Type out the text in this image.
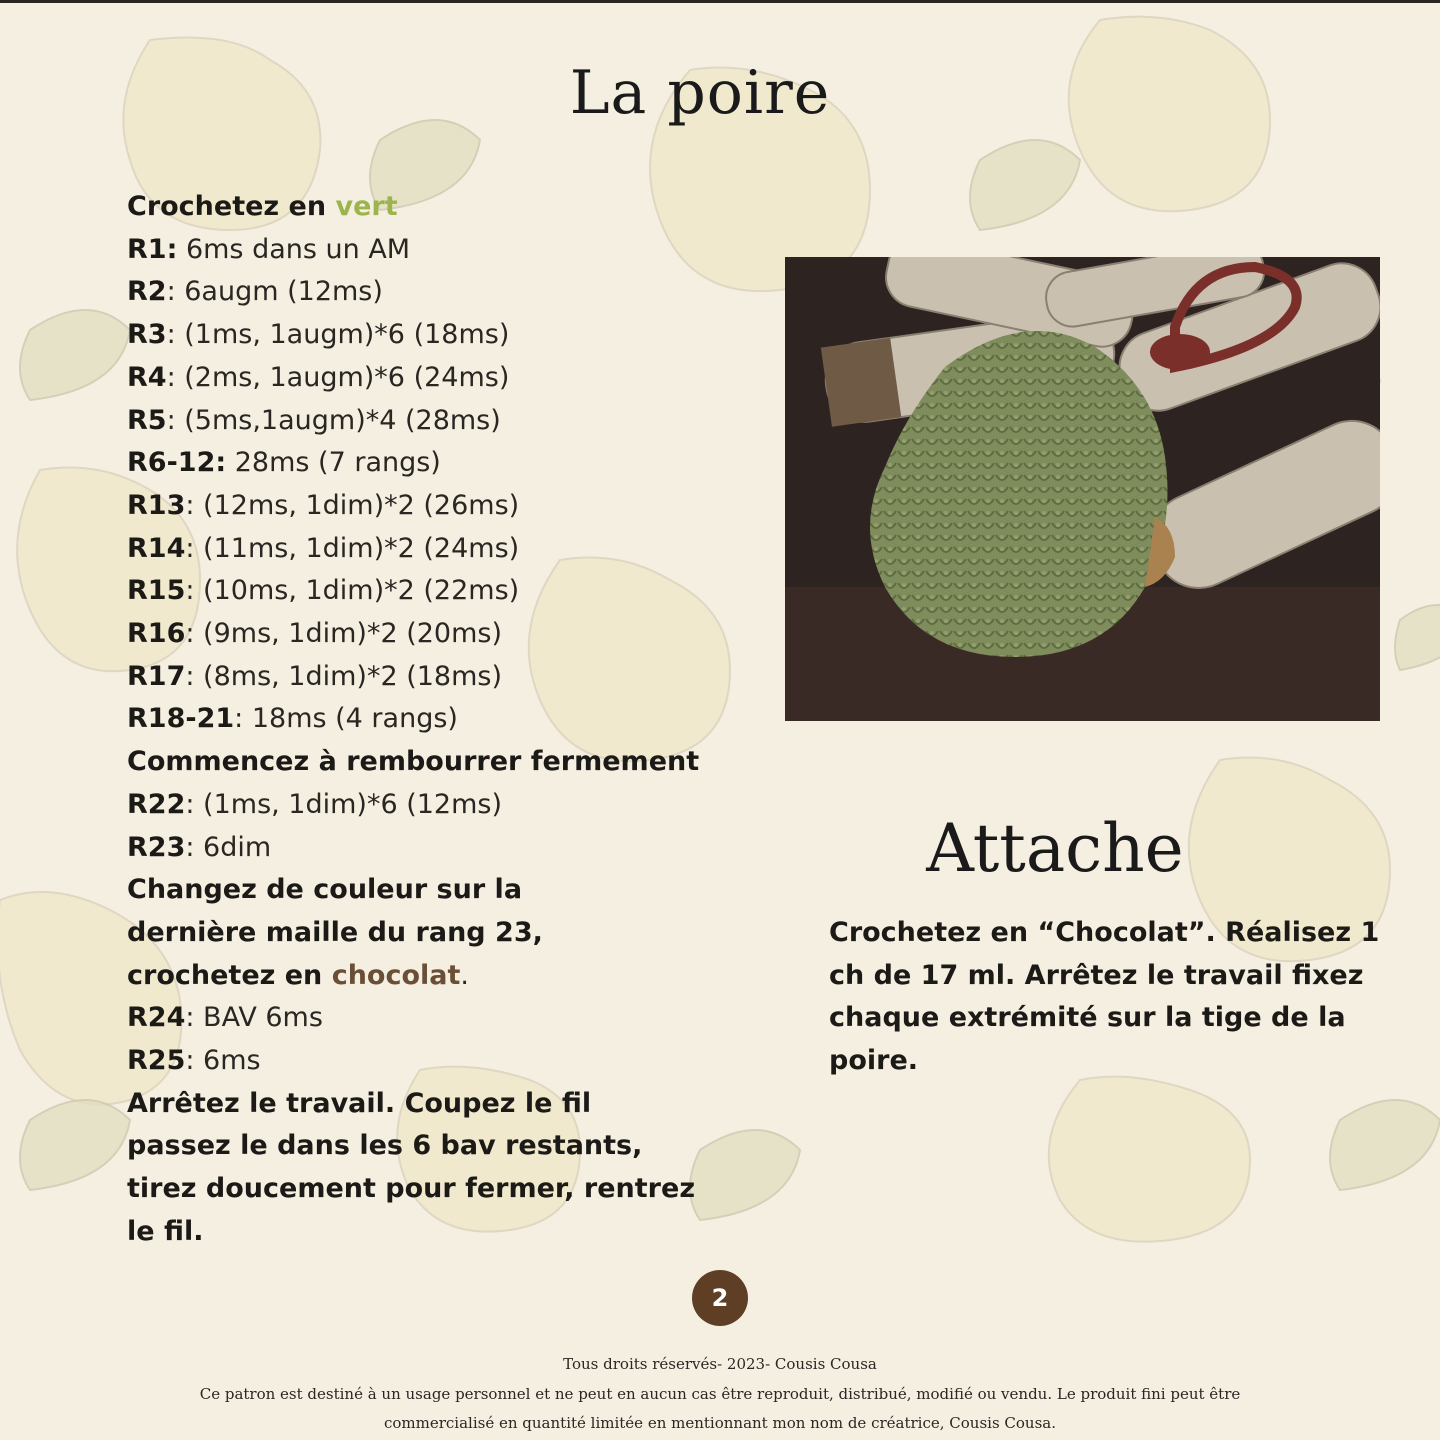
La poire
Crochetez en vert
R1: 6ms dans un AM
R2: 6augm (12ms)
R3: (1ms, 1augm)*6 (18ms)
R4: (2ms, 1augm)*6 (24ms)
R5: (5ms,1augm)*4 (28ms)
R6-12: 28ms (7 rangs)
R13: (12ms, 1dim)*2 (26ms)
R14: (11ms, 1dim)*2 (24ms)
R15: (10ms, 1dim)*2 (22ms)
R16: (9ms, 1dim)*2 (20ms)
R17: (8ms, 1dim)*2 (18ms)
R18-21: 18ms (4 rangs)
Commencez à rembourrer fermement
R22: (1ms, 1dim)*6 (12ms)
R23: 6dim
Changez de couleur sur la dernière maille du rang 23, crochetez en chocolat.
R24: BAV 6ms
R25: 6ms
Arrêtez le travail. Coupez le fil passez le dans les 6 bav restants, tirez doucement pour fermer, rentrez le fil.
Attache
Crochetez en “Chocolat”. Réalisez 1 ch de 17 ml. Arrêtez le travail fixez chaque extrémité sur la tige de la poire.
2
Tous droits réservés- 2023- Cousis Cousa
Ce patron est destiné à un usage personnel et ne peut en aucun cas être reproduit, distribué, modifié ou vendu. Le produit fini peut être commercialisé en quantité limitée en mentionnant mon nom de créatrice, Cousis Cousa.
